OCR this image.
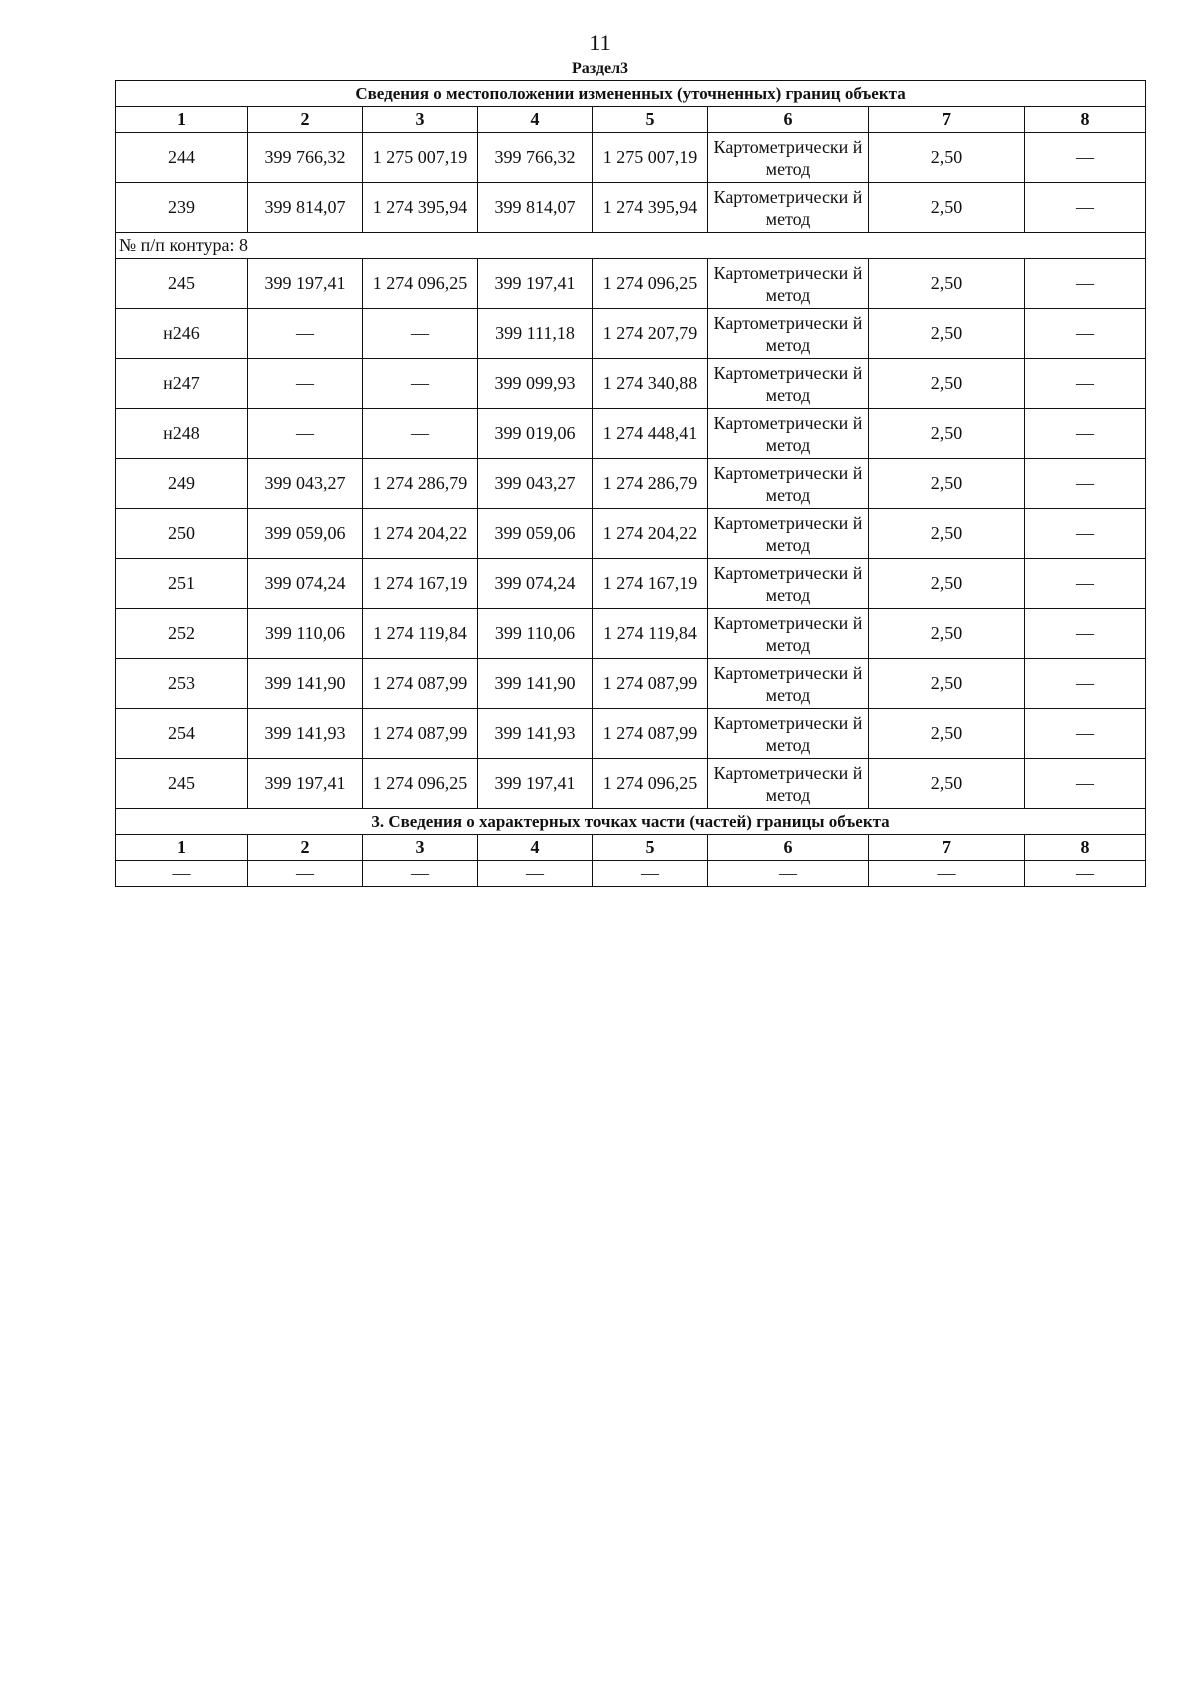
11
Раздел3
Сведения о местоположении измененных (уточненных) границ объекта							
1	2	3	4	5	6	7	8
244	399 766,32	1 275 007,19	399 766,32	1 275 007,19	Картометрически й метод	2,50	—
239	399 814,07	1 274 395,94	399 814,07	1 274 395,94	Картометрически й метод	2,50	—
№ п/п контура: 8							
245	399 197,41	1 274 096,25	399 197,41	1 274 096,25	Картометрически й метод	2,50	—
н246	—	—	399 111,18	1 274 207,79	Картометрически й метод	2,50	—
н247	—	—	399 099,93	1 274 340,88	Картометрически й метод	2,50	—
н248	—	—	399 019,06	1 274 448,41	Картометрически й метод	2,50	—
249	399 043,27	1 274 286,79	399 043,27	1 274 286,79	Картометрически й метод	2,50	—
250	399 059,06	1 274 204,22	399 059,06	1 274 204,22	Картометрически й метод	2,50	—
251	399 074,24	1 274 167,19	399 074,24	1 274 167,19	Картометрически й метод	2,50	—
252	399 110,06	1 274 119,84	399 110,06	1 274 119,84	Картометрически й метод	2,50	—
253	399 141,90	1 274 087,99	399 141,90	1 274 087,99	Картометрически й метод	2,50	—
254	399 141,93	1 274 087,99	399 141,93	1 274 087,99	Картометрически й метод	2,50	—
245	399 197,41	1 274 096,25	399 197,41	1 274 096,25	Картометрически й метод	2,50	—
3. Сведения о характерных точках части (частей) границы объекта							
1	2	3	4	5	6	7	8
—	—	—	—	—	—	—	—
